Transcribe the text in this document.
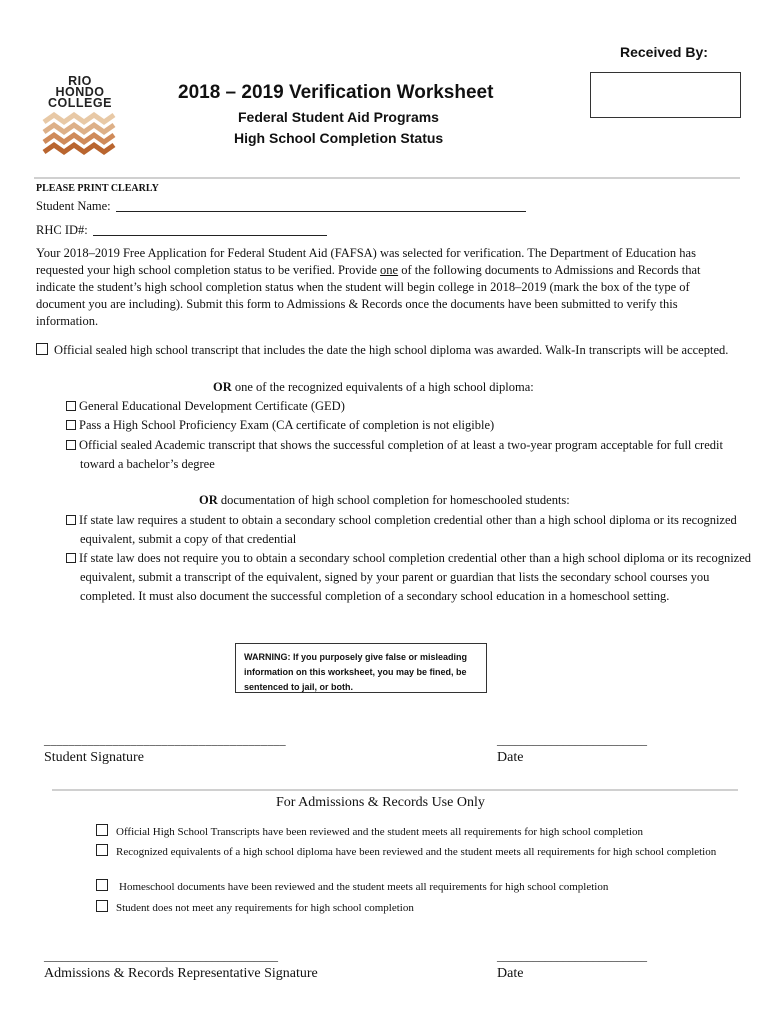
Received By:
RIO
HONDO
COLLEGE	2018 – 2019 Verification Worksheet
Federal Student Aid Programs
High School Completion Status
PLEASE PRINT CLEARLY
Student Name:
RHC ID#:
Your 2018–2019 Free Application for Federal Student Aid (FAFSA) was selected for verification. The Department of Education has requested your high school completion status to be verified. Provide one of the following documents to Admissions and Records that indicate the student’s high school completion status when the student will begin college in 2018–2019 (mark the box of the type of document you are including). Submit this form to Admissions & Records once the documents have been submitted to verify this information.
Official sealed high school transcript that includes the date the high school diploma was awarded. Walk-In transcripts will be accepted.
OR one of the recognized equivalents of a high school diploma:
General Educational Development Certificate (GED)
Pass a High School Proficiency Exam (CA certificate of completion is not eligible)
Official sealed Academic transcript that shows the successful completion of at least a two-year program acceptable for full credit toward a bachelor’s degree
OR documentation of high school completion for homeschooled students:
If state law requires a student to obtain a secondary school completion credential other than a high school diploma or its recognized equivalent, submit a copy of that credential
If state law does not require you to obtain a secondary school completion credential other than a high school diploma or its recognized equivalent, submit a transcript of the equivalent, signed by your parent or guardian that lists the secondary school courses you completed. It must also document the successful completion of a secondary school education in a homeschool setting.
WARNING: If you purposely give false or misleading information on this worksheet, you may be fined, be sentenced to jail, or both.
_______________________________________
Student Signature
_________________________
Date
For Admissions & Records Use Only
Official High School Transcripts have been reviewed and the student meets all requirements for high school completion
Recognized equivalents of a high school diploma have been reviewed and the student meets all requirements for high school completion
Homeschool documents have been reviewed and the student meets all requirements for high school completion
Student does not meet any requirements for high school completion
_______________________________________
Admissions & Records Representative Signature
_________________________
Date
